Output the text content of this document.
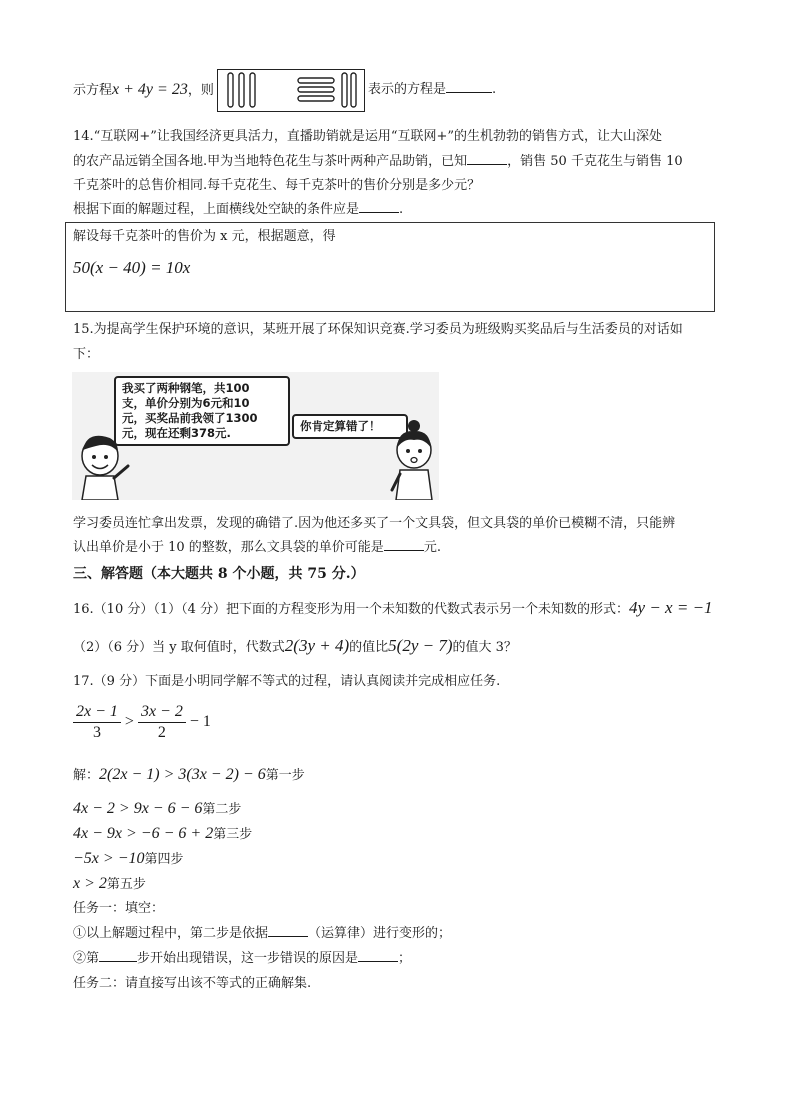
示方程x + 4y = 23，则	表示的方程是	.
14.“互联网+”让我国经济更具活力，直播助销就是运用“互联网+”的生机勃勃的销售方式，让大山深处
的农产品远销全国各地.甲为当地特色花生与茶叶两种产品助销，已知	，销售 50 千克花生与销售 10
千克茶叶的总售价相同.每千克花生、每千克茶叶的售价分别是多少元？
根据下面的解题过程，上面横线处空缺的条件应是	.
解设每千克茶叶的售价为 x 元，根据题意，得
50(x − 40) = 10x
15.为提高学生保护环境的意识，某班开展了环保知识竞赛.学习委员为班级购买奖品后与生活委员的对话如
下：
我买了两种钢笔，共100
支，单价分别为6元和10
元，买奖品前我领了1300
元，现在还剩378元.	你肯定算错了！
学习委员连忙拿出发票，发现的确错了.因为他还多买了一个文具袋，但文具袋的单价已模糊不清，只能辨
认出单价是小于 10 的整数，那么文具袋的单价可能是	元.
三、解答题（本大题共 8 个小题，共 75 分.）
16.（10 分）（1）（4 分）把下面的方程变形为用一个未知数的代数式表示另一个未知数的形式：4y − x = −1
（2）（6 分）当 y 取何值时，代数式2(3y + 4)的值比5(2y − 7)的值大 3？
17.（9 分）下面是小明同学解不等式的过程，请认真阅读并完成相应任务.
$\frac{2x - 1}{3} > \frac{3x - 2}{2} - 1$
解：2(2x − 1) > 3(3x − 2) − 6第一步
4x − 2 > 9x − 6 − 6第二步
4x − 9x > −6 − 6 + 2第三步
−5x > −10第四步
x > 2第五步
任务一：填空：
①以上解题过程中，第二步是依据	（运算律）进行变形的；
②第	步开始出现错误，这一步错误的原因是	；
任务二：请直接写出该不等式的正确解集.
